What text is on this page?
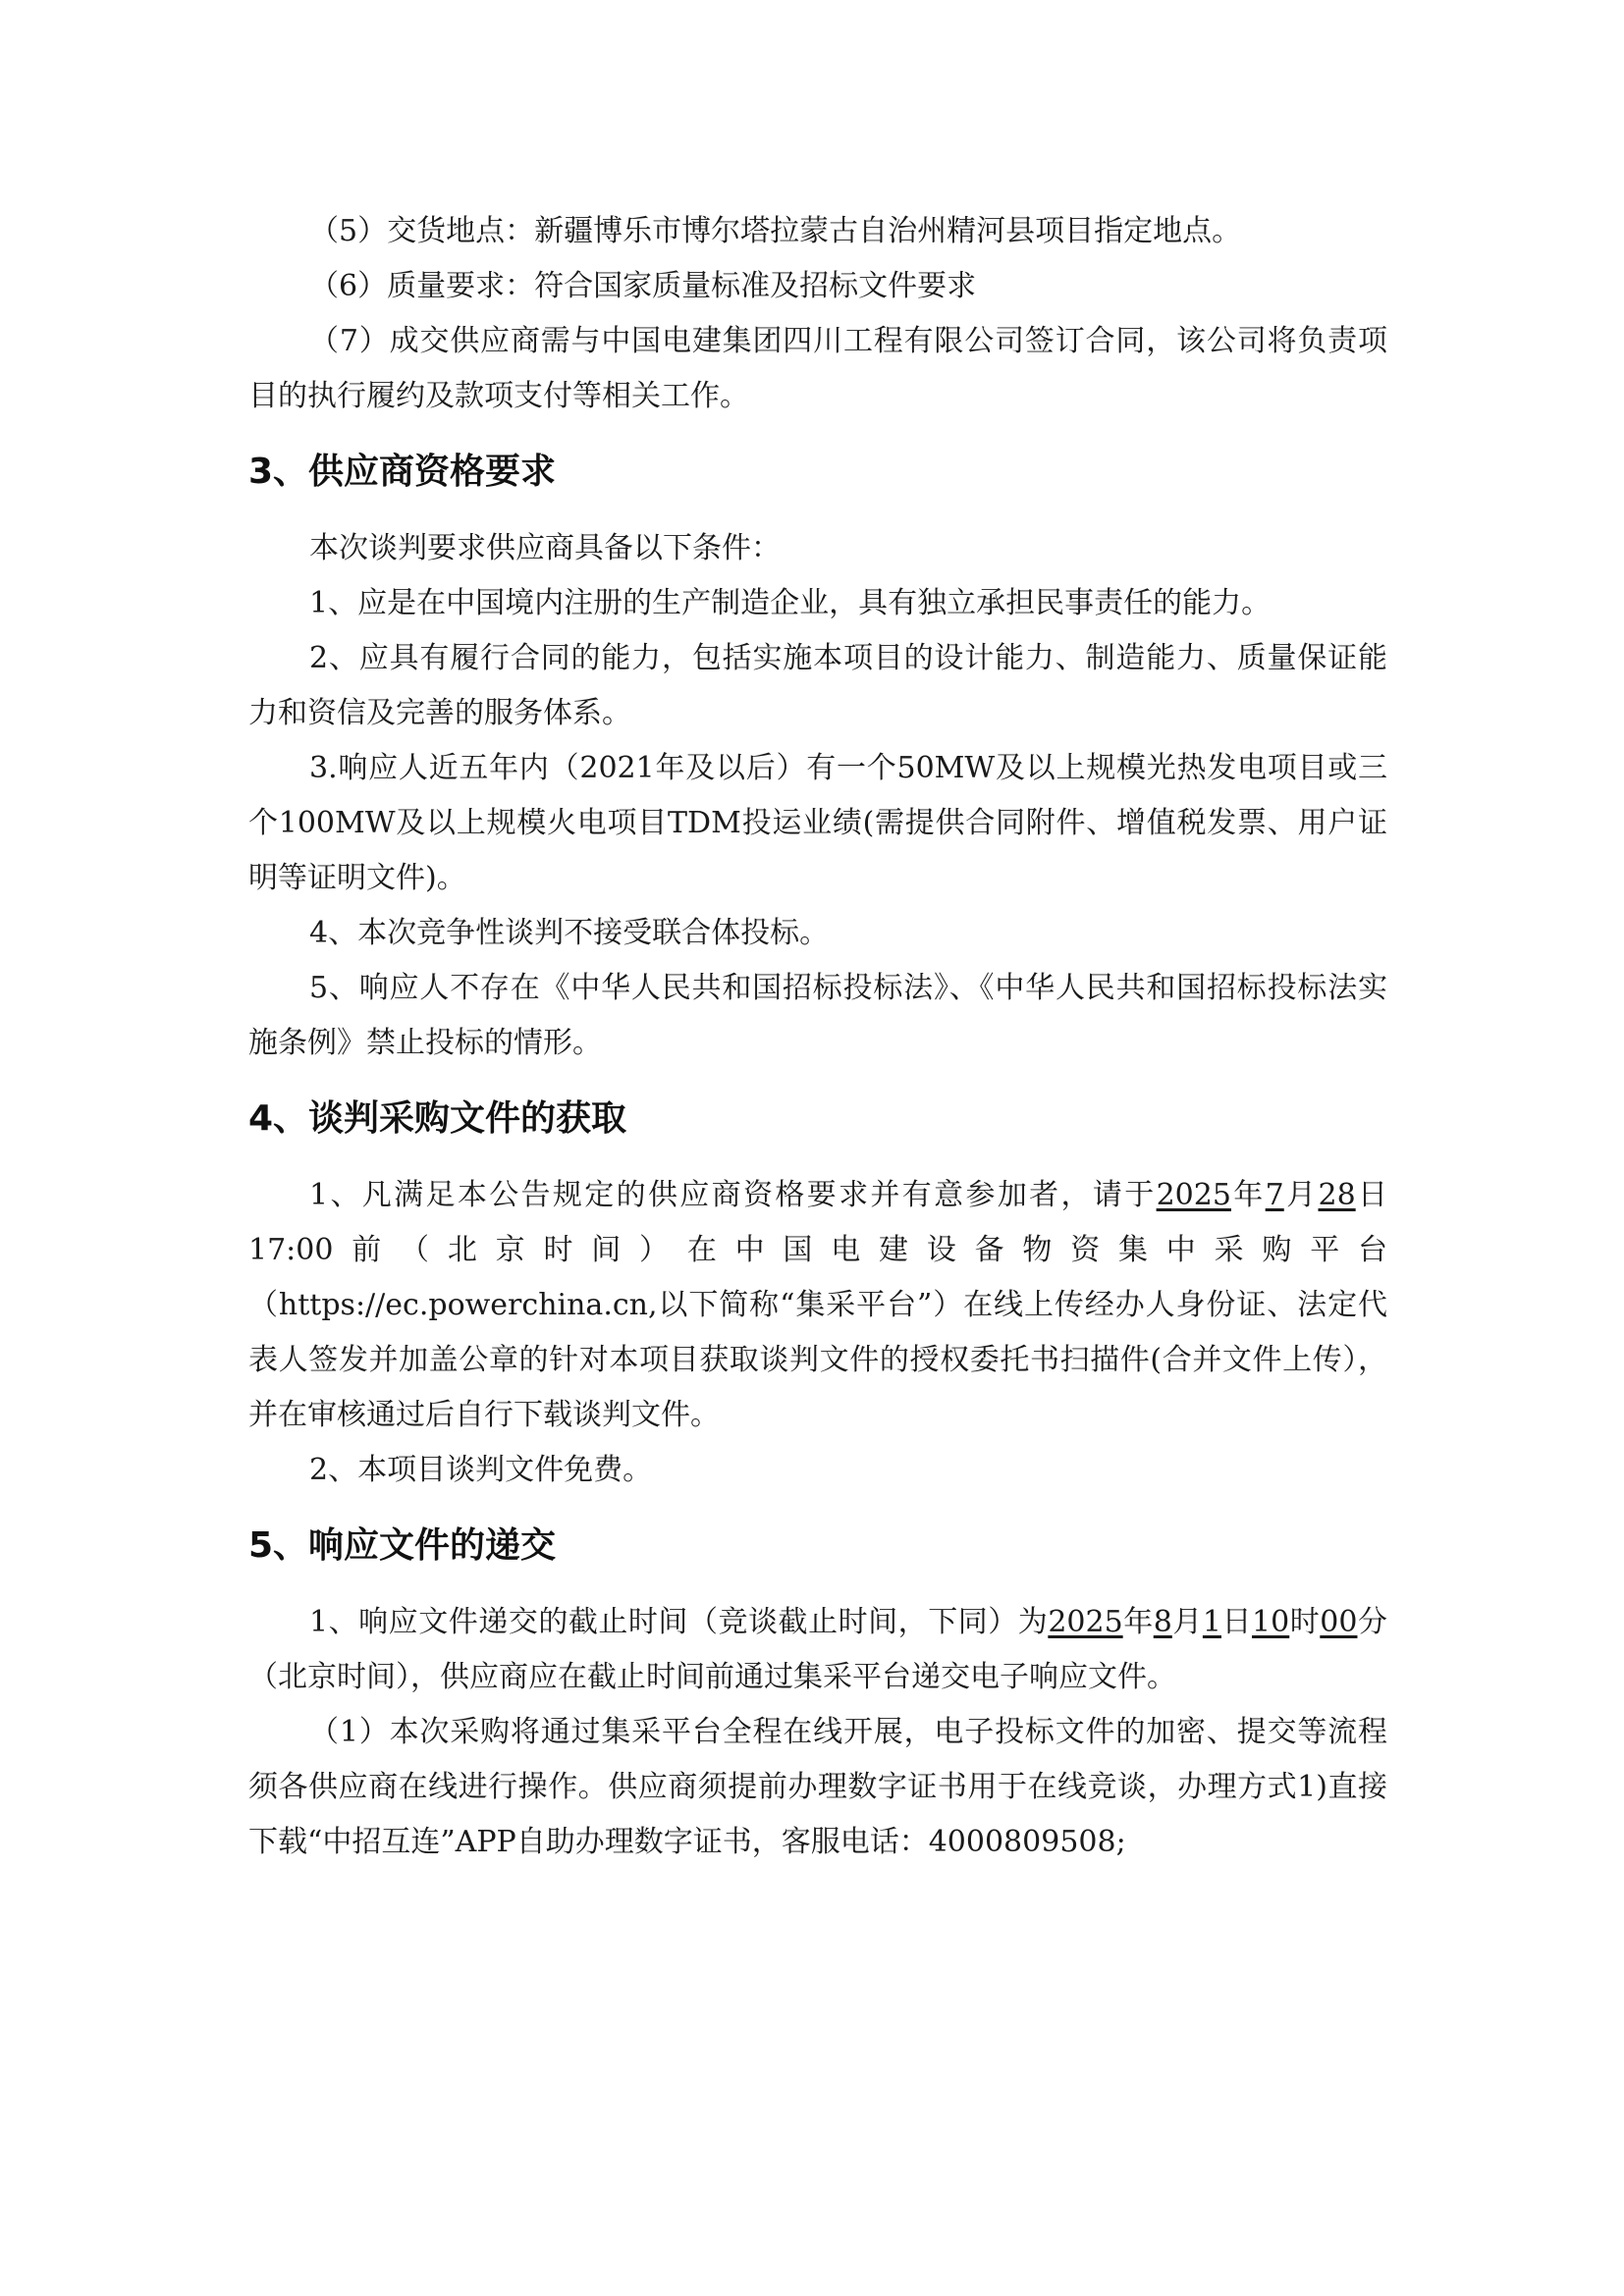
（5）交货地点：新疆博乐市博尔塔拉蒙古自治州精河县项目指定地点。

（6）质量要求：符合国家质量标准及招标文件要求

（7）成交供应商需与中国电建集团四川工程有限公司签订合同，该公司将负责项目的执行履约及款项支付等相关工作。

3、供应商资格要求

本次谈判要求供应商具备以下条件：

1、应是在中国境内注册的生产制造企业，具有独立承担民事责任的能力。

2、应具有履行合同的能力，包括实施本项目的设计能力、制造能力、质量保证能力和资信及完善的服务体系。

3.响应人近五年内（2021年及以后）有一个50MW及以上规模光热发电项目或三个100MW及以上规模火电项目TDM投运业绩(需提供合同附件、增值税发票、用户证明等证明文件)。

4、本次竞争性谈判不接受联合体投标。

5、响应人不存在《中华人民共和国招标投标法》、《中华人民共和国招标投标法实施条例》禁止投标的情形。

4、谈判采购文件的获取

1、凡满足本公告规定的供应商资格要求并有意参加者，请于2025年7月28日17:00前（北京时间）在中国电建设备物资集中采购平台（https://ec.powerchina.cn,以下简称“集采平台”）在线上传经办人身份证、法定代表人签发并加盖公章的针对本项目获取谈判文件的授权委托书扫描件(合并文件上传），并在审核通过后自行下载谈判文件。

2、本项目谈判文件免费。

5、响应文件的递交

1、响应文件递交的截止时间（竞谈截止时间，下同）为2025年8月1日10时00分（北京时间），供应商应在截止时间前通过集采平台递交电子响应文件。

（1）本次采购将通过集采平台全程在线开展，电子投标文件的加密、提交等流程须各供应商在线进行操作。供应商须提前办理数字证书用于在线竞谈，办理方式1)直接下载“中招互连”APP自助办理数字证书，客服电话：4000809508;
